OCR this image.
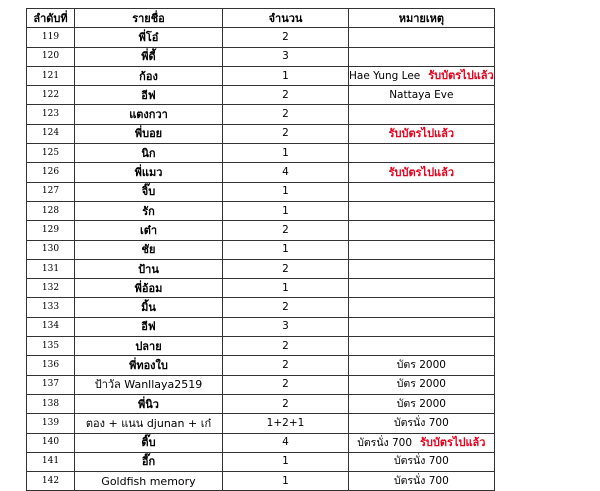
ลำดับที่	รายชื่อ	จำนวน	หมายเหตุ
119	พี่โอ๋	2	
120	พี่ดี้	3	
121	ก้อง	1	Hae Yung Lee รับบัตรไปแล้ว
122	อีฟ	2	Nattaya Eve
123	แตงกวา	2	
124	พี่บอย	2	รับบัตรไปแล้ว
125	นิก	1	
126	พี่แมว	4	รับบัตรไปแล้ว
127	จิ๊บ	1	
128	รัก	1	
129	เต๋า	2	
130	ชัย	1	
131	ป้าน	2	
132	พี่อ้อม	1	
133	มิ้น	2	
134	อีฟ	3	
135	ปลาย	2	
136	พี่ทองใบ	2	บัตร 2000
137	ป้าวัล Wanllaya2519	2	บัตร 2000
138	พี่นิว	2	บัตร 2000
139	ตอง + แนน djunan + เก๋	1+2+1	บัตรนั่ง 700
140	ติ๊บ	4	บัตรนั่ง 700 รับบัตรไปแล้ว
141	อี๊ก	1	บัตรนั่ง 700
142	Goldfish memory	1	บัตรนั่ง 700
